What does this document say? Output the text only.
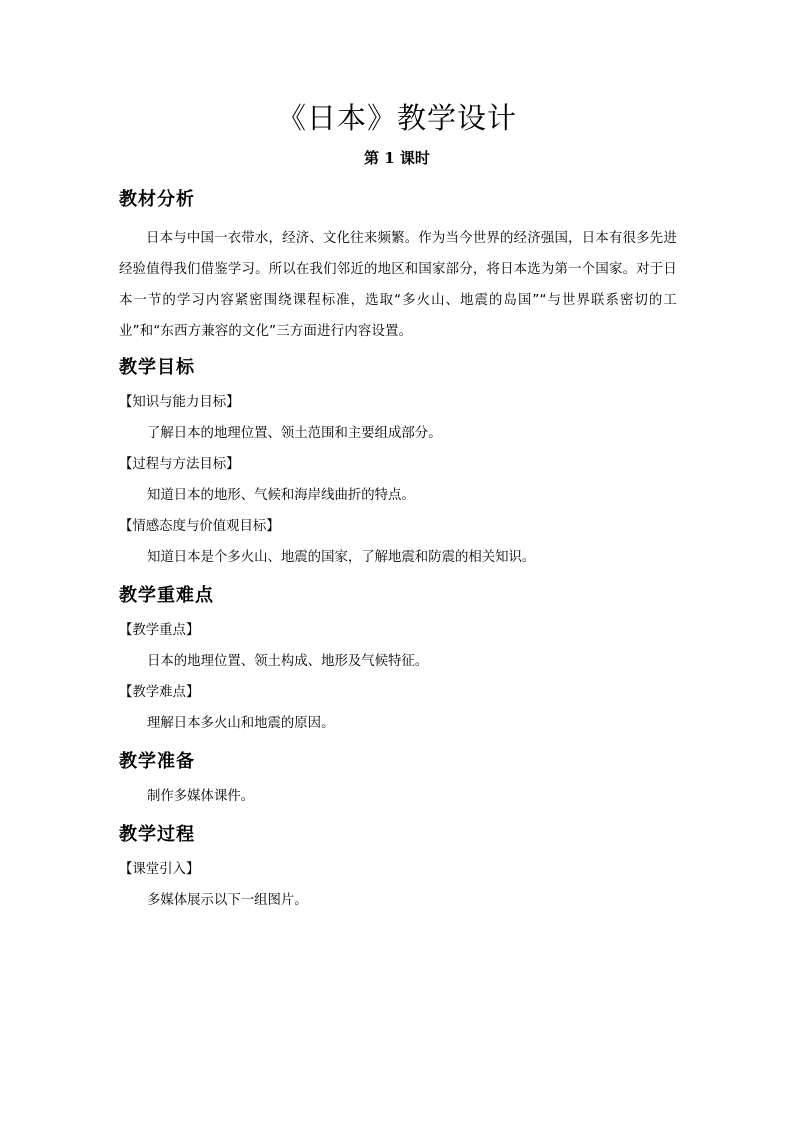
《日本》教学设计
第 1 课时
教材分析
日本与中国一衣带水，经济、文化往来频繁。作为当今世界的经济强国，日本有很多先进经验值得我们借鉴学习。所以在我们邻近的地区和国家部分，将日本选为第一个国家。对于日本一节的学习内容紧密围绕课程标准，选取“多火山、地震的岛国”“与世界联系密切的工业”和“东西方兼容的文化”三方面进行内容设置。
教学目标
【知识与能力目标】
了解日本的地理位置、领土范围和主要组成部分。
【过程与方法目标】
知道日本的地形、气候和海岸线曲折的特点。
【情感态度与价值观目标】
知道日本是个多火山、地震的国家，了解地震和防震的相关知识。
教学重难点
【教学重点】
日本的地理位置、领土构成、地形及气候特征。
【教学难点】
理解日本多火山和地震的原因。
教学准备
制作多媒体课件。
教学过程
【课堂引入】
多媒体展示以下一组图片。
